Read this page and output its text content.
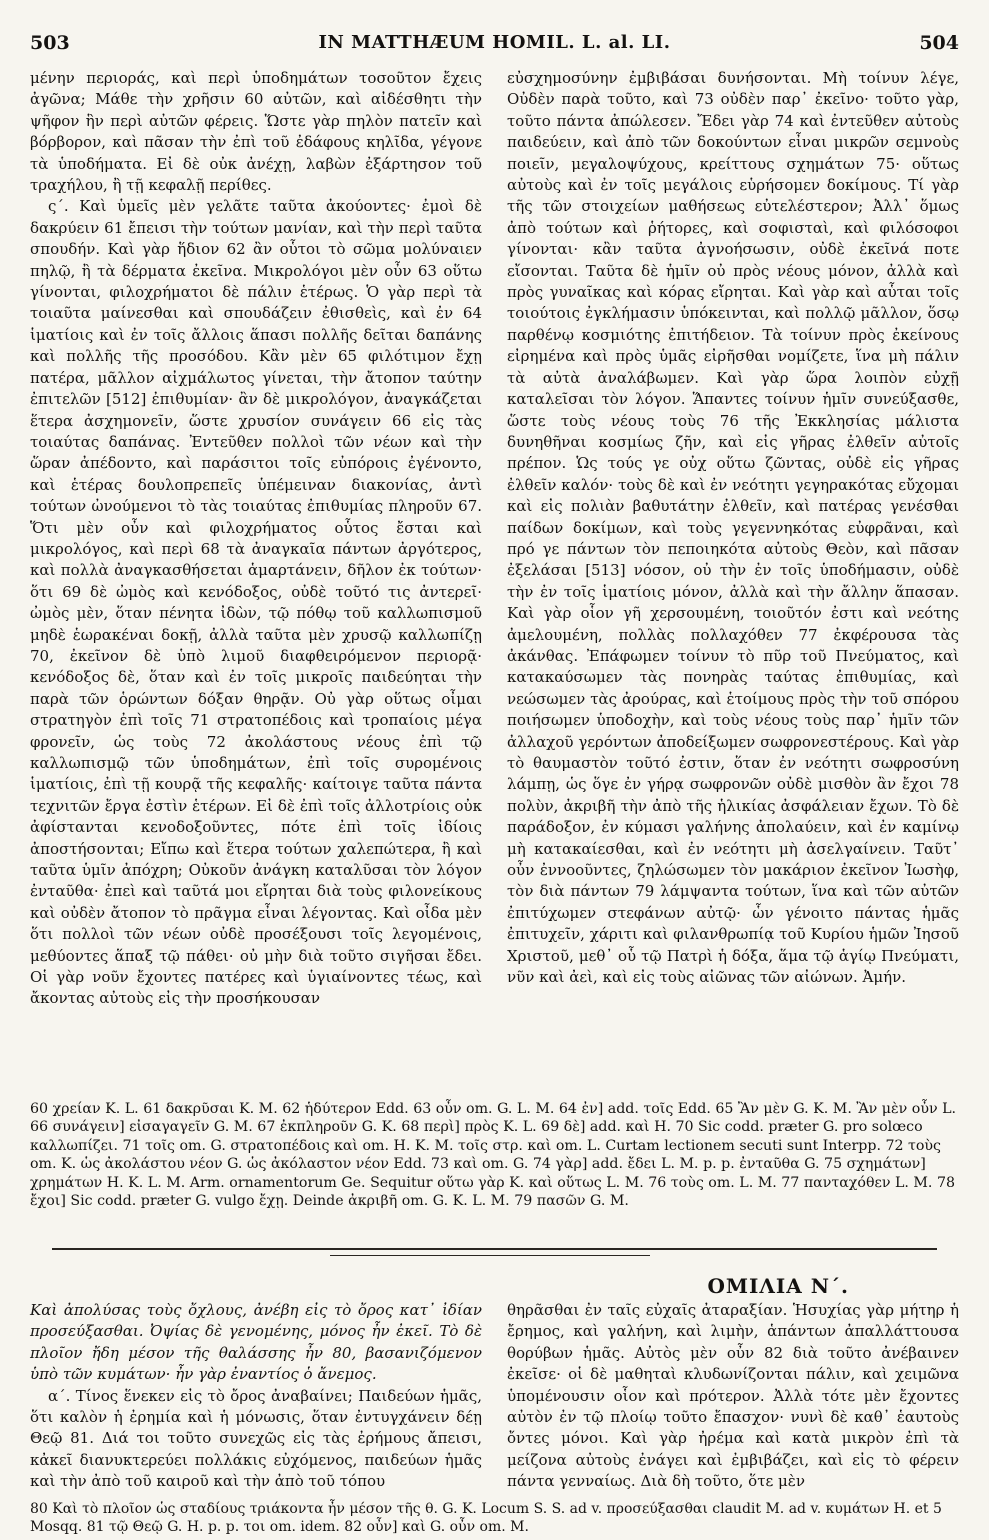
503	IN MATTHÆUM HOMIL. L. al. LI.	504

μένην περιοράς, καὶ περὶ ὑποδημάτων τοσοῦτον ἔχεις ἀγῶνα; Μάθε τὴν χρῆσιν 60 αὐτῶν, καὶ αἰδέσθητι τὴν ψῆφον ἣν περὶ αὐτῶν φέρεις. Ὥστε γὰρ πηλὸν πατεῖν καὶ βόρβορον, καὶ πᾶσαν τὴν ἐπὶ τοῦ ἐδάφους κηλῖδα, γέγονε τὰ ὑποδήματα. Εἰ δὲ οὐκ ἀνέχῃ, λαβὼν ἐξάρτησον τοῦ τραχήλου, ἢ τῇ κεφαλῇ περίθες.

ς΄. Καὶ ὑμεῖς μὲν γελᾶτε ταῦτα ἀκούοντες· ἐμοὶ δὲ δακρύειν 61 ἔπεισι τὴν τούτων μανίαν, καὶ τὴν περὶ ταῦτα σπουδήν. Καὶ γὰρ ἥδιον 62 ἂν οὗτοι τὸ σῶμα μολύναιεν πηλῷ, ἢ τὰ δέρματα ἐκεῖνα. Μικρολόγοι μὲν οὖν 63 οὕτω γίνονται, φιλοχρήματοι δὲ πάλιν ἑτέρως. Ὁ γὰρ περὶ τὰ τοιαῦτα μαίνεσθαι καὶ σπουδάζειν ἐθισθεὶς, καὶ ἐν 64 ἱματίοις καὶ ἐν τοῖς ἄλλοις ἅπασι πολλῆς δεῖται δαπάνης καὶ πολλῆς τῆς προσόδου. Κἂν μὲν 65 φιλότιμον ἔχῃ πατέρα, μᾶλλον αἰχμάλωτος γίνεται, τὴν ἄτοπον ταύτην ἐπιτελῶν [512] ἐπιθυμίαν· ἂν δὲ μικρολόγον, ἀναγκάζεται ἕτερα ἀσχημονεῖν, ὥστε χρυσίον συνάγειν 66 εἰς τὰς τοιαύτας δαπάνας. Ἐντεῦθεν πολλοὶ τῶν νέων καὶ τὴν ὥραν ἀπέδοντο, καὶ παράσιτοι τοῖς εὐπόροις ἐγένοντο, καὶ ἑτέρας δουλοπρεπεῖς ὑπέμειναν διακονίας, ἀντὶ τούτων ὠνούμενοι τὸ τὰς τοιαύτας ἐπιθυμίας πληροῦν 67. Ὅτι μὲν οὖν καὶ φιλοχρήματος οὗτος ἔσται καὶ μικρολόγος, καὶ περὶ 68 τὰ ἀναγκαῖα πάντων ἀργότερος, καὶ πολλὰ ἀναγκασθήσεται ἁμαρτάνειν, δῆλον ἐκ τούτων· ὅτι 69 δὲ ὠμὸς καὶ κενόδοξος, οὐδὲ τοῦτό τις ἀντερεῖ· ὠμὸς μὲν, ὅταν πένητα ἰδὼν, τῷ πόθῳ τοῦ καλλωπισμοῦ μηδὲ ἑωρακέναι δοκῇ, ἀλλὰ ταῦτα μὲν χρυσῷ καλλωπίζῃ 70, ἐκεῖνον δὲ ὑπὸ λιμοῦ διαφθειρόμενον περιορᾷ· κενόδοξος δὲ, ὅταν καὶ ἐν τοῖς μικροῖς παιδεύηται τὴν παρὰ τῶν ὁρώντων δόξαν θηρᾷν. Οὐ γὰρ οὕτως οἶμαι στρατηγὸν ἐπὶ τοῖς 71 στρατοπέδοις καὶ τροπαίοις μέγα φρονεῖν, ὡς τοὺς 72 ἀκολάστους νέους ἐπὶ τῷ καλλωπισμῷ τῶν ὑποδημάτων, ἐπὶ τοῖς συρομένοις ἱματίοις, ἐπὶ τῇ κουρᾷ τῆς κεφαλῆς· καίτοιγε ταῦτα πάντα τεχνιτῶν ἔργα ἐστὶν ἑτέρων. Εἰ δὲ ἐπὶ τοῖς ἀλλοτρίοις οὐκ ἀφίστανται κενοδοξοῦντες, πότε ἐπὶ τοῖς ἰδίοις ἀποστήσονται; Εἴπω καὶ ἕτερα τούτων χαλεπώτερα, ἢ καὶ ταῦτα ὑμῖν ἀπόχρη; Οὐκοῦν ἀνάγκη καταλῦσαι τὸν λόγον ἐνταῦθα· ἐπεὶ καὶ ταῦτά μοι εἴρηται διὰ τοὺς φιλονείκους καὶ οὐδὲν ἄτοπον τὸ πρᾶγμα εἶναι λέγοντας. Καὶ οἶδα μὲν ὅτι πολλοὶ τῶν νέων οὐδὲ προσέξουσι τοῖς λεγομένοις, μεθύοντες ἅπαξ τῷ πάθει· οὐ μὴν διὰ τοῦτο σιγῆσαι ἔδει. Οἱ γὰρ νοῦν ἔχοντες πατέρες καὶ ὑγιαίνοντες τέως, καὶ ἄκοντας αὐτοὺς εἰς τὴν προσήκουσαν

εὐσχημοσύνην ἐμβιβάσαι δυνήσονται. Μὴ τοίνυν λέγε, Οὐδὲν παρὰ τοῦτο, καὶ 73 οὐδὲν παρ᾽ ἐκεῖνο· τοῦτο γὰρ, τοῦτο πάντα ἀπώλεσεν. Ἔδει γὰρ 74 καὶ ἐντεῦθεν αὐτοὺς παιδεύειν, καὶ ἀπὸ τῶν δοκούντων εἶναι μικρῶν σεμνοὺς ποιεῖν, μεγαλοψύχους, κρείττους σχημάτων 75· οὕτως αὐτοὺς καὶ ἐν τοῖς μεγάλοις εὑρήσομεν δοκίμους. Τί γὰρ τῆς τῶν στοιχείων μαθήσεως εὐτελέστερον; Ἀλλ᾽ ὅμως ἀπὸ τούτων καὶ ῥήτορες, καὶ σοφισταὶ, καὶ φιλόσοφοι γίνονται· κἂν ταῦτα ἀγνοήσωσιν, οὐδὲ ἐκεῖνά ποτε εἴσονται. Ταῦτα δὲ ἡμῖν οὐ πρὸς νέους μόνον, ἀλλὰ καὶ πρὸς γυναῖκας καὶ κόρας εἴρηται. Καὶ γὰρ καὶ αὗται τοῖς τοιούτοις ἐγκλήμασιν ὑπόκεινται, καὶ πολλῷ μᾶλλον, ὅσῳ παρθένῳ κοσμιότης ἐπιτήδειον. Τὰ τοίνυν πρὸς ἐκείνους εἰρημένα καὶ πρὸς ὑμᾶς εἰρῆσθαι νομίζετε, ἵνα μὴ πάλιν τὰ αὐτὰ ἀναλάβωμεν. Καὶ γὰρ ὥρα λοιπὸν εὐχῇ καταλεῖσαι τὸν λόγον. Ἅπαντες τοίνυν ἡμῖν συνεύξασθε, ὥστε τοὺς νέους τοὺς 76 τῆς Ἐκκλησίας μάλιστα δυνηθῆναι κοσμίως ζῆν, καὶ εἰς γῆρας ἐλθεῖν αὐτοῖς πρέπον. Ὡς τούς γε οὐχ οὕτω ζῶντας, οὐδὲ εἰς γῆρας ἐλθεῖν καλόν· τοὺς δὲ καὶ ἐν νεότητι γεγηρακότας εὔχομαι καὶ εἰς πολιὰν βαθυτάτην ἐλθεῖν, καὶ πατέρας γενέσθαι παίδων δοκίμων, καὶ τοὺς γεγεννηκότας εὐφρᾶναι, καὶ πρό γε πάντων τὸν πεποιηκότα αὐτοὺς Θεὸν, καὶ πᾶσαν ἐξελάσαι [513] νόσον, οὐ τὴν ἐν τοῖς ὑποδήμασιν, οὐδὲ τὴν ἐν τοῖς ἱματίοις μόνον, ἀλλὰ καὶ τὴν ἄλλην ἅπασαν. Καὶ γὰρ οἷον γῆ χερσουμένη, τοιοῦτόν ἐστι καὶ νεότης ἀμελουμένη, πολλὰς πολλαχόθεν 77 ἐκφέρουσα τὰς ἀκάνθας. Ἐπάφωμεν τοίνυν τὸ πῦρ τοῦ Πνεύματος, καὶ κατακαύσωμεν τὰς πονηρὰς ταύτας ἐπιθυμίας, καὶ νεώσωμεν τὰς ἀρούρας, καὶ ἑτοίμους πρὸς τὴν τοῦ σπόρου ποιήσωμεν ὑποδοχὴν, καὶ τοὺς νέους τοὺς παρ᾽ ἡμῖν τῶν ἀλλαχοῦ γερόντων ἀποδείξωμεν σωφρονεστέρους. Καὶ γὰρ τὸ θαυμαστὸν τοῦτό ἐστιν, ὅταν ἐν νεότητι σωφροσύνη λάμπῃ, ὡς ὅγε ἐν γήρᾳ σωφρονῶν οὐδὲ μισθὸν ἂν ἔχοι 78 πολὺν, ἀκριβῆ τὴν ἀπὸ τῆς ἡλικίας ἀσφάλειαν ἔχων. Τὸ δὲ παράδοξον, ἐν κύμασι γαλήνης ἀπολαύειν, καὶ ἐν καμίνῳ μὴ κατακαίεσθαι, καὶ ἐν νεότητι μὴ ἀσελγαίνειν. Ταῦτ᾽ οὖν ἐννοοῦντες, ζηλώσωμεν τὸν μακάριον ἐκεῖνον Ἰωσὴφ, τὸν διὰ πάντων 79 λάμψαντα τούτων, ἵνα καὶ τῶν αὐτῶν ἐπιτύχωμεν στεφάνων αὐτῷ· ὧν γένοιτο πάντας ἡμᾶς ἐπιτυχεῖν, χάριτι καὶ φιλανθρωπίᾳ τοῦ Κυρίου ἡμῶν Ἰησοῦ Χριστοῦ, μεθ᾽ οὗ τῷ Πατρὶ ἡ δόξα, ἅμα τῷ ἁγίῳ Πνεύματι, νῦν καὶ ἀεὶ, καὶ εἰς τοὺς αἰῶνας τῶν αἰώνων. Ἀμήν.

60 χρείαν K. L. 61 δακρῦσαι K. M. 62 ἡδύτερον Edd. 63 οὖν om. G. L. M. 64 ἐν] add. τοῖς Edd. 65 Ἂν μὲν G. K. M. Ἂν μὲν οὖν L. 66 συνάγειν] εἰσαγαγεῖν G. M. 67 ἐκπληροῦν G. K. 68 περὶ] πρὸς K. L. 69 δὲ] add. καὶ H. 70 Sic codd. præter G. pro solœco καλλωπίζει. 71 τοῖς om. G. στρατοπέδοις καὶ om. H. K. M. τοῖς στρ. καὶ om. L. Curtam lectionem secuti sunt Interpp. 72 τοὺς om. K. ὡς ἀκολάστου νέον G. ὡς ἀκόλαστον νέον Edd. 73 καὶ om. G. 74 γὰρ] add. ἔδει L. M. p. p. ἐνταῦθα G. 75 σχημάτων] χρημάτων H. K. L. M. Arm. ornamentorum Ge. Sequitur οὕτω γὰρ K. καὶ οὕτως L. M. 76 τοὺς om. L. M. 77 πανταχόθεν L. M. 78 ἔχοι] Sic codd. præter G. vulgo ἔχῃ. Deinde ἀκριβῆ om. G. K. L. M. 79 πασῶν G. M.

ΟΜΙΛΙΑ Ν΄.

Καὶ ἀπολύσας τοὺς ὄχλους, ἀνέβη εἰς τὸ ὄρος κατ᾽ ἰδίαν προσεύξασθαι. Ὀψίας δὲ γενομένης, μόνος ἦν ἐκεῖ. Τὸ δὲ πλοῖον ἤδη μέσον τῆς θαλάσσης ἦν 80, βασανιζόμενον ὑπὸ τῶν κυμάτων· ἦν γὰρ ἐναντίος ὁ ἄνεμος.

α΄. Τίνος ἕνεκεν εἰς τὸ ὄρος ἀναβαίνει; Παιδεύων ἡμᾶς, ὅτι καλὸν ἡ ἐρημία καὶ ἡ μόνωσις, ὅταν ἐντυγχάνειν δέῃ Θεῷ 81. Διά τοι τοῦτο συνεχῶς εἰς τὰς ἐρήμους ἄπεισι, κἀκεῖ διανυκτερεύει πολλάκις εὐχόμενος, παιδεύων ἡμᾶς καὶ τὴν ἀπὸ τοῦ καιροῦ καὶ τὴν ἀπὸ τοῦ τόπου

θηρᾶσθαι ἐν ταῖς εὐχαῖς ἀταραξίαν. Ἡσυχίας γὰρ μήτηρ ἡ ἔρημος, καὶ γαλήνη, καὶ λιμὴν, ἁπάντων ἀπαλλάττουσα θορύβων ἡμᾶς. Αὐτὸς μὲν οὖν 82 διὰ τοῦτο ἀνέβαινεν ἐκεῖσε· οἱ δὲ μαθηταὶ κλυδωνίζονται πάλιν, καὶ χειμῶνα ὑπομένουσιν οἷον καὶ πρότερον. Ἀλλὰ τότε μὲν ἔχοντες αὐτὸν ἐν τῷ πλοίῳ τοῦτο ἔπασχον· νυνὶ δὲ καθ᾽ ἑαυτοὺς ὄντες μόνοι. Καὶ γὰρ ἠρέμα καὶ κατὰ μικρὸν ἐπὶ τὰ μείζονα αὐτοὺς ἐνάγει καὶ ἐμβιβάζει, καὶ εἰς τὸ φέρειν πάντα γενναίως. Διὰ δὴ τοῦτο, ὅτε μὲν

80 Καὶ τὸ πλοῖον ὡς σταδίους τριάκοντα ἦν μέσον τῆς θ. G. K. Locum S. S. ad v. προσεύξασθαι claudit M. ad v. κυμάτων H. et 5 Mosqq. 81 τῷ Θεῷ G. H. p. p. τοι om. idem. 82 οὖν] καὶ G. οὖν om. M.
